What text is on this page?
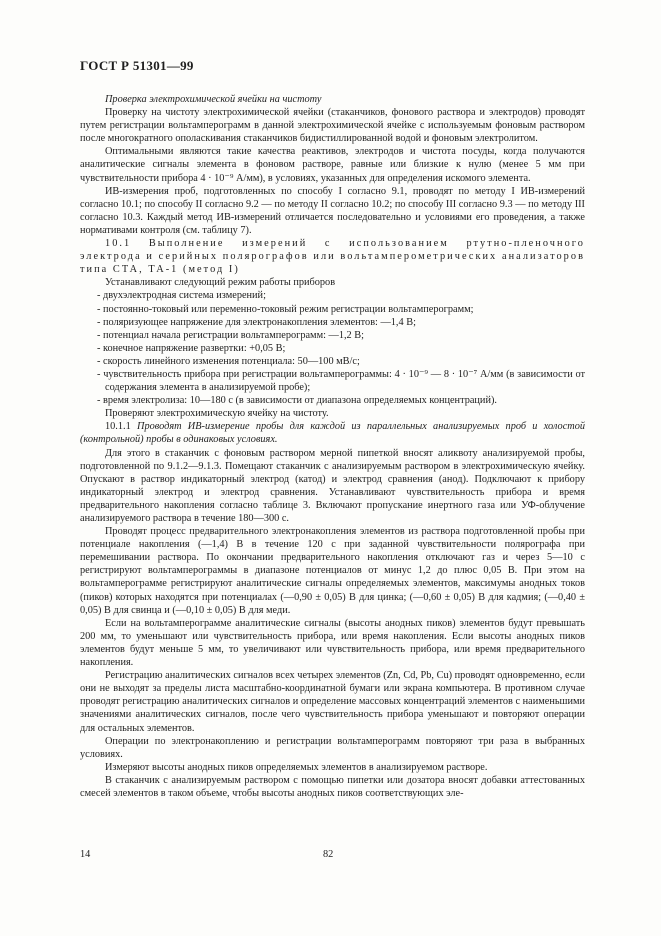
ГОСТ Р 51301—99

Проверка электрохимической ячейки на чистоту

Проверку на чистоту электрохимической ячейки (стаканчиков, фонового раствора и электродов) проводят путем регистрации вольтамперограмм в данной электрохимической ячейке с используемым фоновым раствором после многократного ополаскивания стаканчиков бидистиллированной водой и фоновым электролитом.

Оптимальными являются такие качества реактивов, электродов и чистота посуды, когда получаются аналитические сигналы элемента в фоновом растворе, равные или близкие к нулю (менее 5 мм при чувствительности прибора 4 · 10⁻⁹ А/мм), в условиях, указанных для определения искомого элемента.

ИВ-измерения проб, подготовленных по способу I согласно 9.1, проводят по методу I ИВ-измерений согласно 10.1; по способу II согласно 9.2 — по методу II согласно 10.2; по способу III согласно 9.3 — по методу III согласно 10.3. Каждый метод ИВ-измерений отличается последовательно и условиями его проведения, а также нормативами контроля (см. таблицу 7).

10.1 Выполнение измерений с использованием ртутно-пленочного электрода и серийных полярографов или вольтамперометрических анализаторов типа СТА, ТА-1 (метод I)

Устанавливают следующий режим работы приборов

- двухэлектродная система измерений;

- постоянно-токовый или переменно-токовый режим регистрации вольтамперограмм;

- поляризующее напряжение для электронакопления элементов: —1,4 В;

- потенциал начала регистрации вольтамперограмм: —1,2 В;

- конечное напряжение развертки: +0,05 В;

- скорость линейного изменения потенциала: 50—100 мВ/с;

- чувствительность прибора при регистрации вольтамперограммы: 4 · 10⁻⁹ — 8 · 10⁻⁷ А/мм (в зависимости от содержания элемента в анализируемой пробе);

- время электролиза: 10—180 с (в зависимости от диапазона определяемых концентраций).

Проверяют электрохимическую ячейку на чистоту.

10.1.1 Проводят ИВ-измерение пробы для каждой из параллельных анализируемых проб и холостой (контрольной) пробы в одинаковых условиях.

Для этого в стаканчик с фоновым раствором мерной пипеткой вносят аликвоту анализируемой пробы, подготовленной по 9.1.2—9.1.3. Помещают стаканчик с анализируемым раствором в электрохимическую ячейку. Опускают в раствор индикаторный электрод (катод) и электрод сравнения (анод). Подключают к прибору индикаторный электрод и электрод сравнения. Устанавливают чувствительность прибора и время предварительного накопления согласно таблице 3. Включают пропускание инертного газа или УФ-облучение анализируемого раствора в течение 180—300 с.

Проводят процесс предварительного электронакопления элементов из раствора подготовленной пробы при потенциале накопления (—1,4) В в течение 120 с при заданной чувствительности полярографа при перемешивании раствора. По окончании предварительного накопления отключают газ и через 5—10 с регистрируют вольтамперограммы в диапазоне потенциалов от минус 1,2 до плюс 0,05 В. При этом на вольтамперограмме регистрируют аналитические сигналы определяемых элементов, максимумы анодных токов (пиков) которых находятся при потенциалах (—0,90 ± 0,05) В для цинка; (—0,60 ± 0,05) В для кадмия; (—0,40 ± 0,05) В для свинца и (—0,10 ± 0,05) В для меди.

Если на вольтамперограмме аналитические сигналы (высоты анодных пиков) элементов будут превышать 200 мм, то уменьшают или чувствительность прибора, или время накопления. Если высоты анодных пиков элементов будут меньше 5 мм, то увеличивают или чувствительность прибора, или время предварительного накопления.

Регистрацию аналитических сигналов всех четырех элементов (Zn, Cd, Pb, Cu) проводят одновременно, если они не выходят за пределы листа масштабно-координатной бумаги или экрана компьютера. В противном случае проводят регистрацию аналитических сигналов и определение массовых концентраций элементов с наименьшими значениями аналитических сигналов, после чего чувствительность прибора уменьшают и повторяют операции для остальных элементов.

Операции по электронакоплению и регистрации вольтамперограмм повторяют три раза в выбранных условиях.

Измеряют высоты анодных пиков определяемых элементов в анализируемом растворе.

В стаканчик с анализируемым раствором с помощью пипетки или дозатора вносят добавки аттестованных смесей элементов в таком объеме, чтобы высоты анодных пиков соответствующих эле-

14	82
